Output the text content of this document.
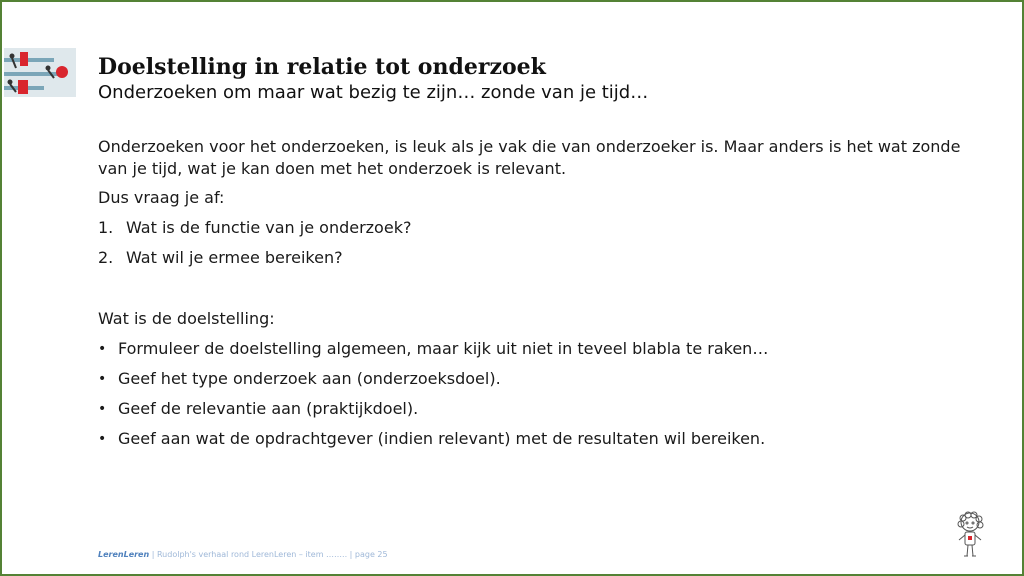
Doelstelling in relatie tot onderzoek
Onderzoeken om maar wat bezig te zijn… zonde van je tijd…

Onderzoeken voor het onderzoeken, is leuk als je vak die van onderzoeker is. Maar anders is het wat zonde van je tijd, wat je kan doen met het onderzoek is relevant.

Dus vraag je af:

1. Wat is de functie van je onderzoek?
2. Wat wil je ermee bereiken?

Wat is de doelstelling:

• Formuleer de doelstelling algemeen, maar kijk uit niet in teveel blabla te raken…
• Geef het type onderzoek aan (onderzoeksdoel).
• Geef de relevantie aan (praktijkdoel).
• Geef aan wat de opdrachtgever (indien relevant) met de resultaten wil bereiken.
LerenLeren | Rudolph's verhaal rond LerenLeren – item …….. | page 25
